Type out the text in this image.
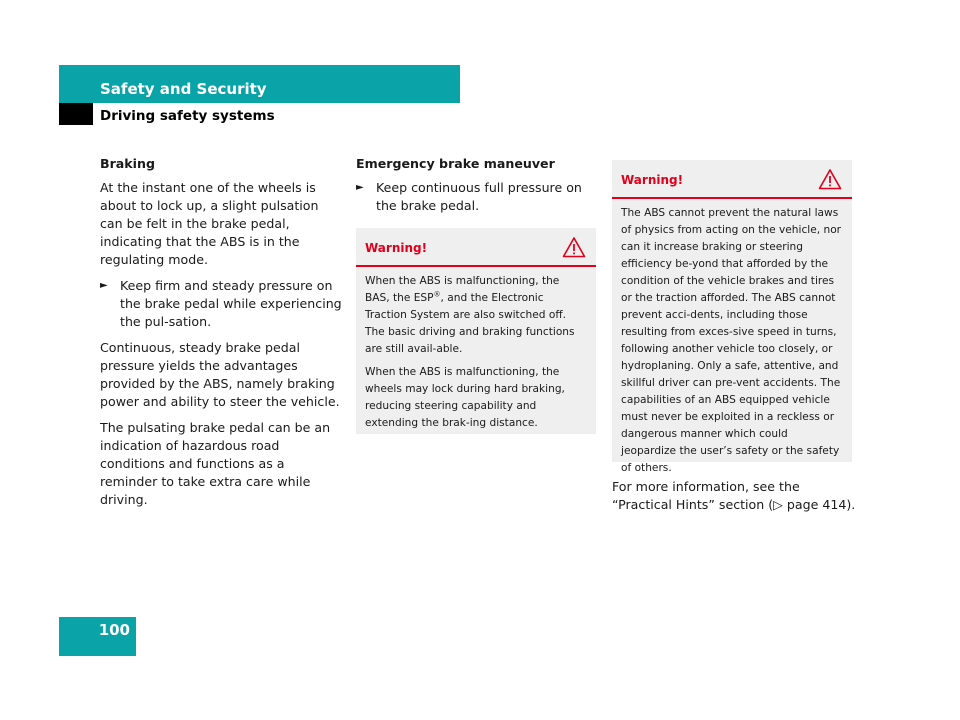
Safety and Security
Driving safety systems

Braking

At the instant one of the wheels is about to lock up, a slight pulsation can be felt in the brake pedal, indicating that the ABS is in the regulating mode.

► Keep firm and steady pressure on the brake pedal while experiencing the pul-sation.

Continuous, steady brake pedal pressure yields the advantages provided by the ABS, namely braking power and ability to steer the vehicle.

The pulsating brake pedal can be an indication of hazardous road conditions and functions as a reminder to take extra care while driving.

Emergency brake maneuver

► Keep continuous full pressure on the brake pedal.
Warning!

When the ABS is malfunctioning, the BAS, the ESP®, and the Electronic Traction System are also switched off. The basic driving and braking functions are still avail-able.

When the ABS is malfunctioning, the wheels may lock during hard braking, reducing steering capability and extending the brak-ing distance.

Warning!

The ABS cannot prevent the natural laws of physics from acting on the vehicle, nor can it increase braking or steering efficiency be-yond that afforded by the condition of the vehicle brakes and tires or the traction afforded. The ABS cannot prevent acci-dents, including those resulting from exces-sive speed in turns, following another vehicle too closely, or hydroplaning. Only a safe, attentive, and skillful driver can pre-vent accidents. The capabilities of an ABS equipped vehicle must never be exploited in a reckless or dangerous manner which could jeopardize the user’s safety or the safety of others.

For more information, see the “Practical Hints” section (▷ page 414).

100
